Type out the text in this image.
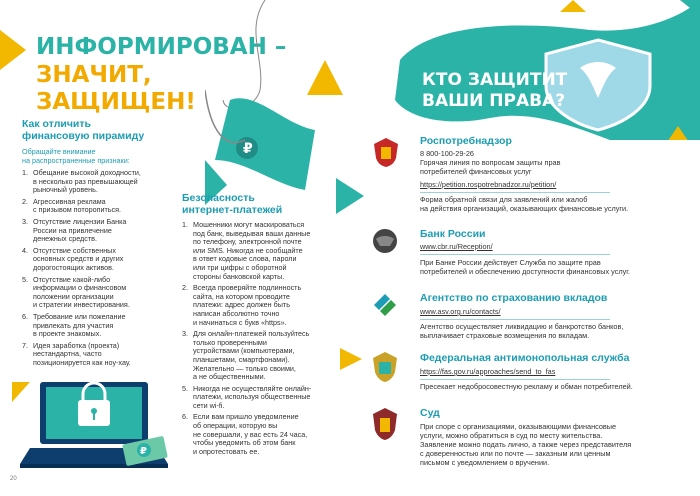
ИНФОРМИРОВАН –
ЗНАЧИТ,
ЗАЩИЩЕН!
₽
Как отличить
финансовую пирамиду
Обращайте внимание
на распространенные признаки:
1. Обещание высокой доходности,
в несколько раз превышающей
рыночный уровень.
2. Агрессивная реклама
с призывом поторопиться.
3. Отсутствие лицензии Банка
России на привлечение
денежных средств.
4. Отсутствие собственных
основных средств и других
дорогостоящих активов.
5. Отсутствие какой-либо
информации о финансовом
положении организации
и стратегии инвестирования.
6. Требование или пожелание
привлекать для участия
в проекте знакомых.
7. Идея заработка (проекта)
нестандартна, часто
позиционируется как ноу-хау.
₽
20
Безопасность
интернет-платежей
1. Мошенники могут маскироваться
под банк, выведывая ваши данные
по телефону, электронной почте
или SMS. Никогда не сообщайте
в ответ кодовые слова, пароли
или три цифры с оборотной
стороны банковской карты.
2. Всегда проверяйте подлинность
сайта, на котором проводите
платежи: адрес должен быть
написан абсолютно точно
и начинаться с букв «https».
3. Для онлайн-платежей пользуйтесь
только проверенными
устройствами (компьютерами,
планшетами, смартфонами).
Желательно — только своими,
а не общественными.
5. Никогда не осуществляйте онлайн-
платежи, используя общественные
сети wi-fi.
6. Если вам пришло уведомление
об операции, которую вы
не совершали, у вас есть 24 часа,
чтобы уведомить об этом банк
и опротестовать ее.
КТО ЗАЩИТИТ
ВАШИ ПРАВА?
Роспотребнадзор
8 800-100-29-26
Горячая линия по вопросам защиты прав
потребителей финансовых услуг
https://petition.rospotrebnadzor.ru/petition/
Форма обратной связи для заявлений или жалоб
на действия организаций, оказывающих финансовые услуги.
Банк России
www.cbr.ru/Reception/
При Банке России действует Служба по защите прав
потребителей и обеспечению доступности финансовых услуг.
Агентство по страхованию вкладов
www.asv.org.ru/contacts/
Агентство осуществляет ликвидацию и банкротство банков,
выплачивает страховые возмещения по вкладам.
Федеральная антимонопольная служба
https://fas.gov.ru/approaches/send_to_fas
Пресекает недобросовестную рекламу и обман потребителей.
Суд
При споре с организациями, оказывающими финансовые
услуги, можно обратиться в суд по месту жительства.
Заявление можно подать лично, а также через представителя
с доверенностью или по почте — заказным или ценным
письмом с уведомлением о вручении.
